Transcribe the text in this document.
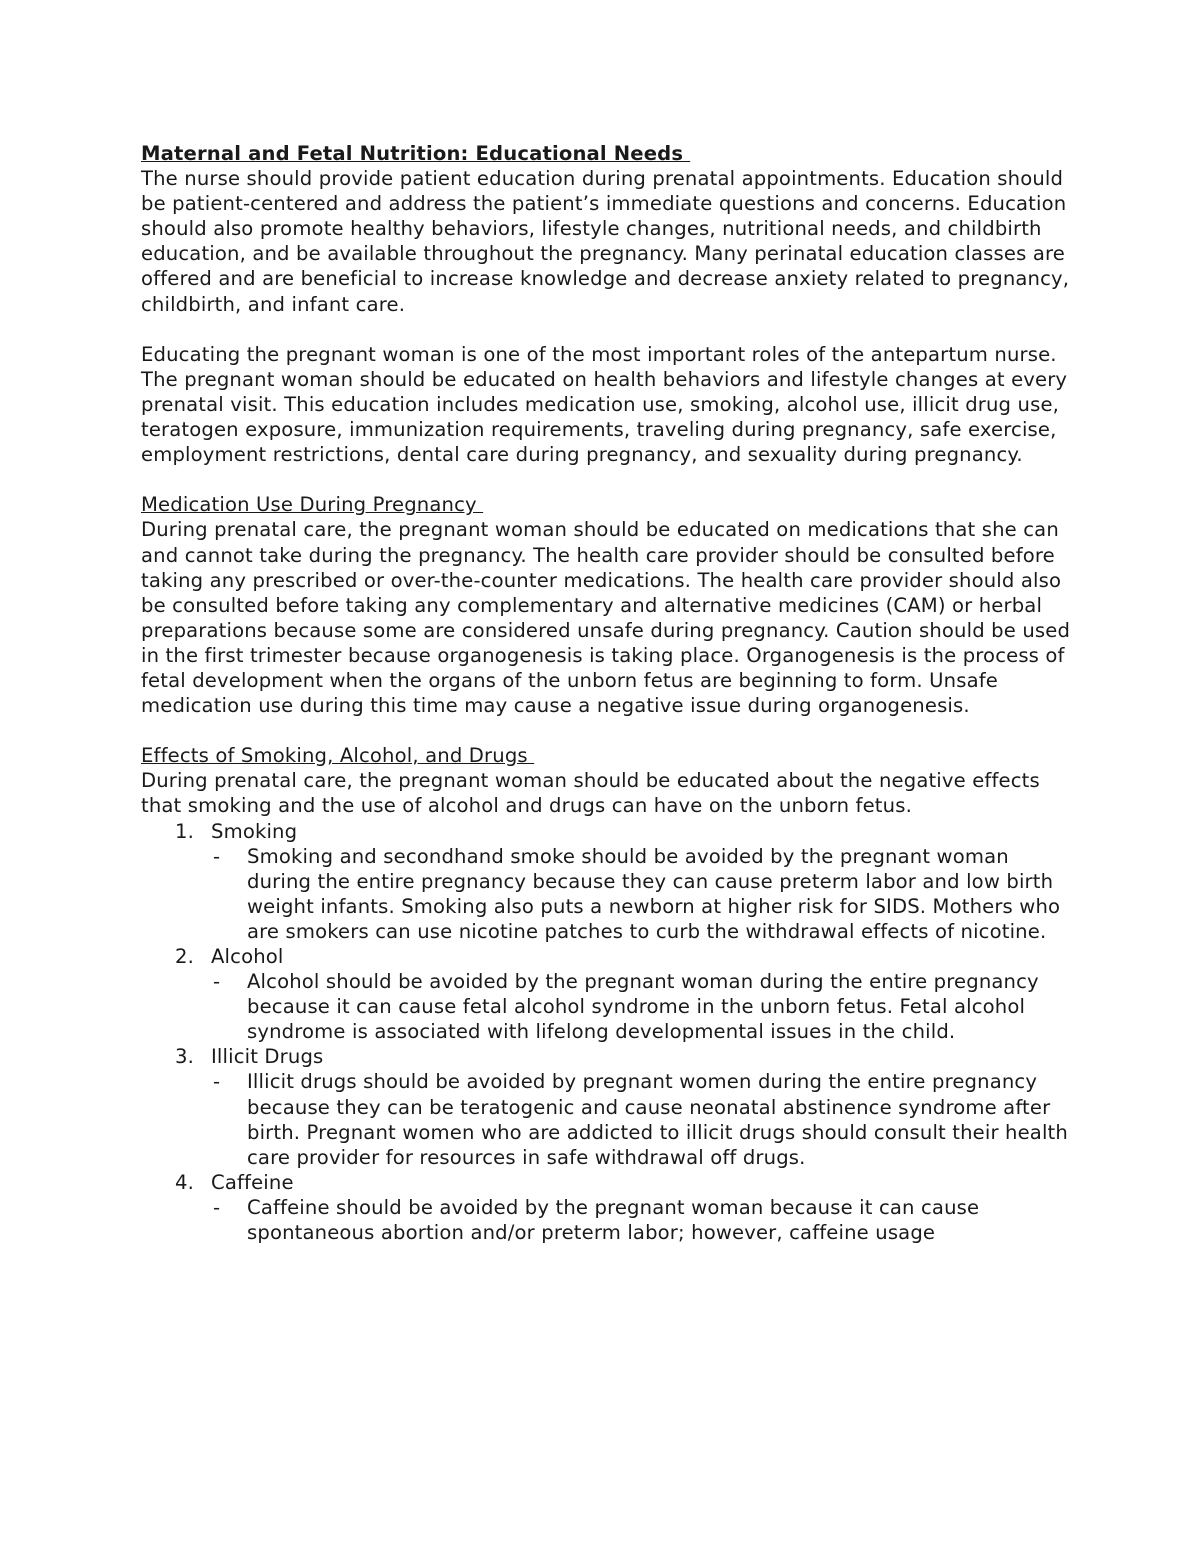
Maternal and Fetal Nutrition: Educational Needs

The nurse should provide patient education during prenatal appointments. Education should be patient-centered and address the patient’s immediate questions and concerns. Education should also promote healthy behaviors, lifestyle changes, nutritional needs, and childbirth education, and be available throughout the pregnancy. Many perinatal education classes are offered and are beneficial to increase knowledge and decrease anxiety related to pregnancy, childbirth, and infant care.

Educating the pregnant woman is one of the most important roles of the antepartum nurse. The pregnant woman should be educated on health behaviors and lifestyle changes at every prenatal visit. This education includes medication use, smoking, alcohol use, illicit drug use, teratogen exposure, immunization requirements, traveling during pregnancy, safe exercise, employment restrictions, dental care during pregnancy, and sexuality during pregnancy.

Medication Use During Pregnancy

During prenatal care, the pregnant woman should be educated on medications that she can and cannot take during the pregnancy. The health care provider should be consulted before taking any prescribed or over-the-counter medications. The health care provider should also be consulted before taking any complementary and alternative medicines (CAM) or herbal preparations because some are considered unsafe during pregnancy. Caution should be used in the first trimester because organogenesis is taking place. Organogenesis is the process of fetal development when the organs of the unborn fetus are beginning to form. Unsafe medication use during this time may cause a negative issue during organogenesis.

Effects of Smoking, Alcohol, and Drugs

During prenatal care, the pregnant woman should be educated about the negative effects that smoking and the use of alcohol and drugs can have on the unborn fetus.

1. Smoking
- Smoking and secondhand smoke should be avoided by the pregnant woman during the entire pregnancy because they can cause preterm labor and low birth weight infants. Smoking also puts a newborn at higher risk for SIDS. Mothers who are smokers can use nicotine patches to curb the withdrawal effects of nicotine.
2. Alcohol
- Alcohol should be avoided by the pregnant woman during the entire pregnancy because it can cause fetal alcohol syndrome in the unborn fetus. Fetal alcohol syndrome is associated with lifelong developmental issues in the child.
3. Illicit Drugs
- Illicit drugs should be avoided by pregnant women during the entire pregnancy because they can be teratogenic and cause neonatal abstinence syndrome after birth. Pregnant women who are addicted to illicit drugs should consult their health care provider for resources in safe withdrawal off drugs.
4. Caffeine
- Caffeine should be avoided by the pregnant woman because it can cause spontaneous abortion and/or preterm labor; however, caffeine usage
